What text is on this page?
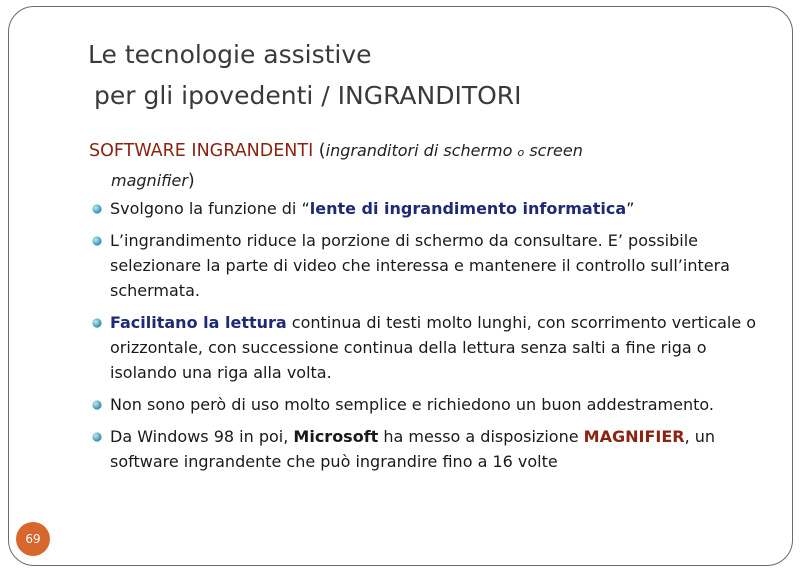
Le tecnologie assistive
per gli ipovedenti / INGRANDITORI
SOFTWARE INGRANDENTI (ingranditori di schermo o screen
magnifier)
Svolgono la funzione di “lente di ingrandimento informatica”
L’ingrandimento riduce la porzione di schermo da consultare. E’ possibile selezionare la parte di video che interessa e mantenere il controllo sull’intera schermata.
Facilitano la lettura continua di testi molto lunghi, con scorrimento verticale o orizzontale, con successione continua della lettura senza salti a fine riga o isolando una riga alla volta.
Non sono però di uso molto semplice e richiedono un buon addestramento.
Da Windows 98 in poi, Microsoft ha messo a disposizione MAGNIFIER, un software ingrandente che può ingrandire fino a 16 volte
69
